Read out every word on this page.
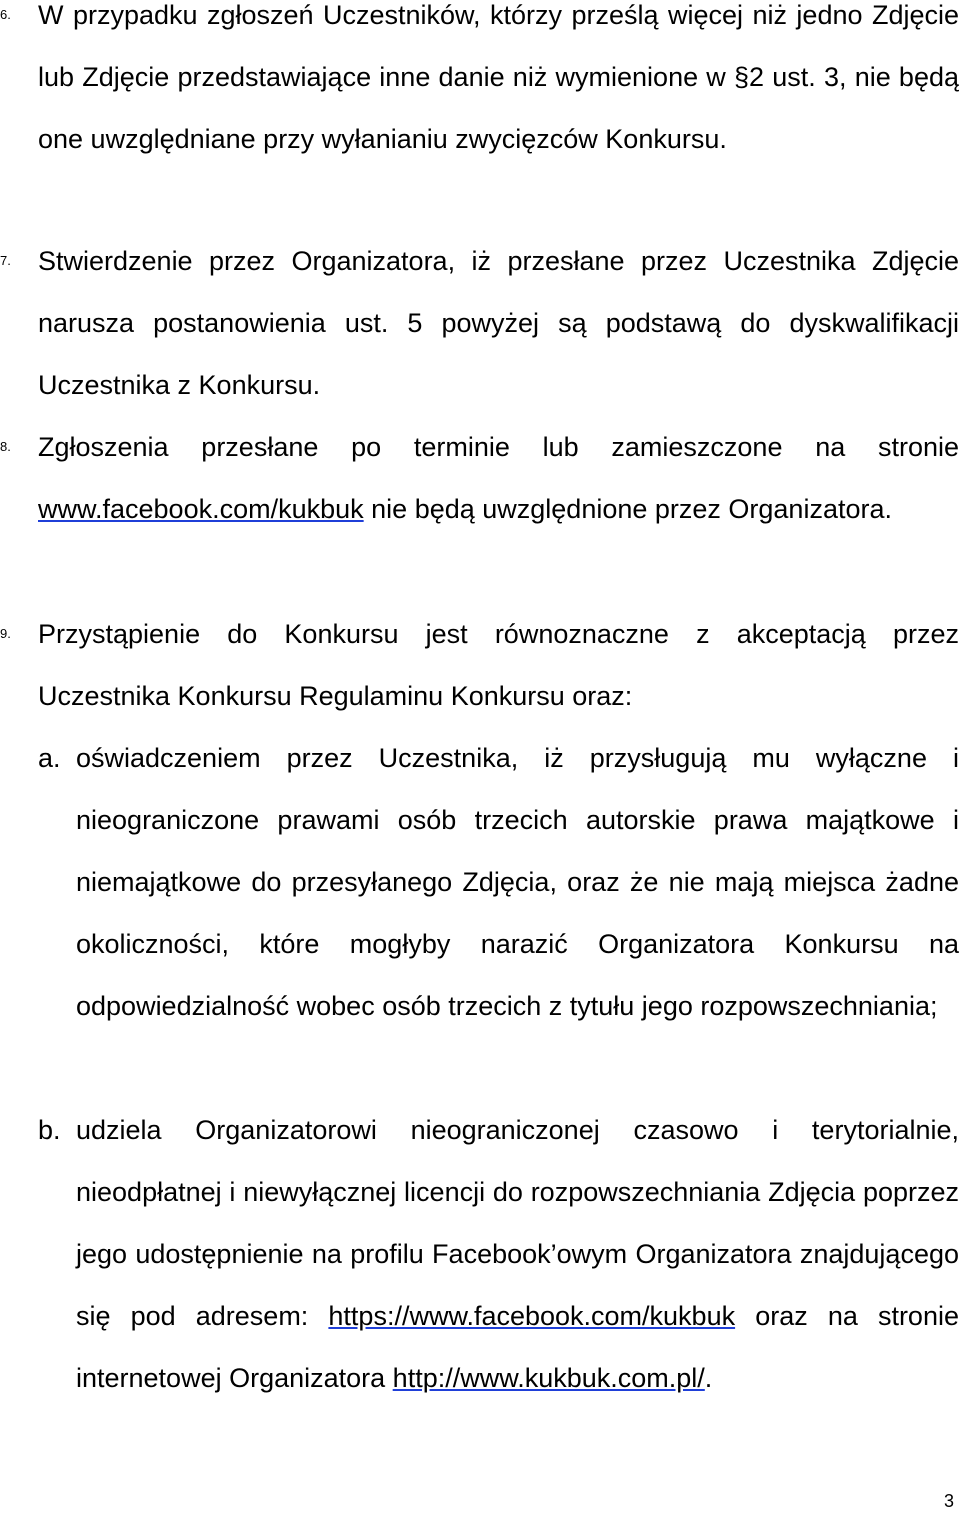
6.	W przypadku zgłoszeń Uczestników, którzy prześlą więcej niż jedno Zdjęcie lub Zdjęcie przedstawiające inne danie niż wymienione w §2 ust. 3, nie będą one uwzględniane przy wyłanianiu zwycięzców Konkursu.
7.	Stwierdzenie przez Organizatora, iż przesłane przez Uczestnika Zdjęcie narusza postanowienia ust. 5 powyżej są podstawą do dyskwalifikacji Uczestnika z Konkursu.
8.	Zgłoszenia przesłane po terminie lub zamieszczone na stronie www.facebook.com/kukbuk nie będą uwzględnione przez Organizatora.
9.	Przystąpienie do Konkursu jest równoznaczne z akceptacją przez Uczestnika Konkursu Regulaminu Konkursu oraz:
a. oświadczeniem przez Uczestnika, iż przysługują mu wyłączne i nieograniczone prawami osób trzecich autorskie prawa majątkowe i niemajątkowe do przesyłanego Zdjęcia, oraz że nie mają miejsca żadne okoliczności, które mogłyby narazić Organizatora Konkursu na odpowiedzialność wobec osób trzecich z tytułu jego rozpowszechniania;
b. udziela Organizatorowi nieograniczonej czasowo i terytorialnie, nieodpłatnej i niewyłącznej licencji do rozpowszechniania Zdjęcia poprzez jego udostępnienie na profilu Facebook’owym Organizatora znajdującego się pod adresem: https://www.facebook.com/kukbuk oraz na stronie internetowej Organizatora http://www.kukbuk.com.pl/.
3
